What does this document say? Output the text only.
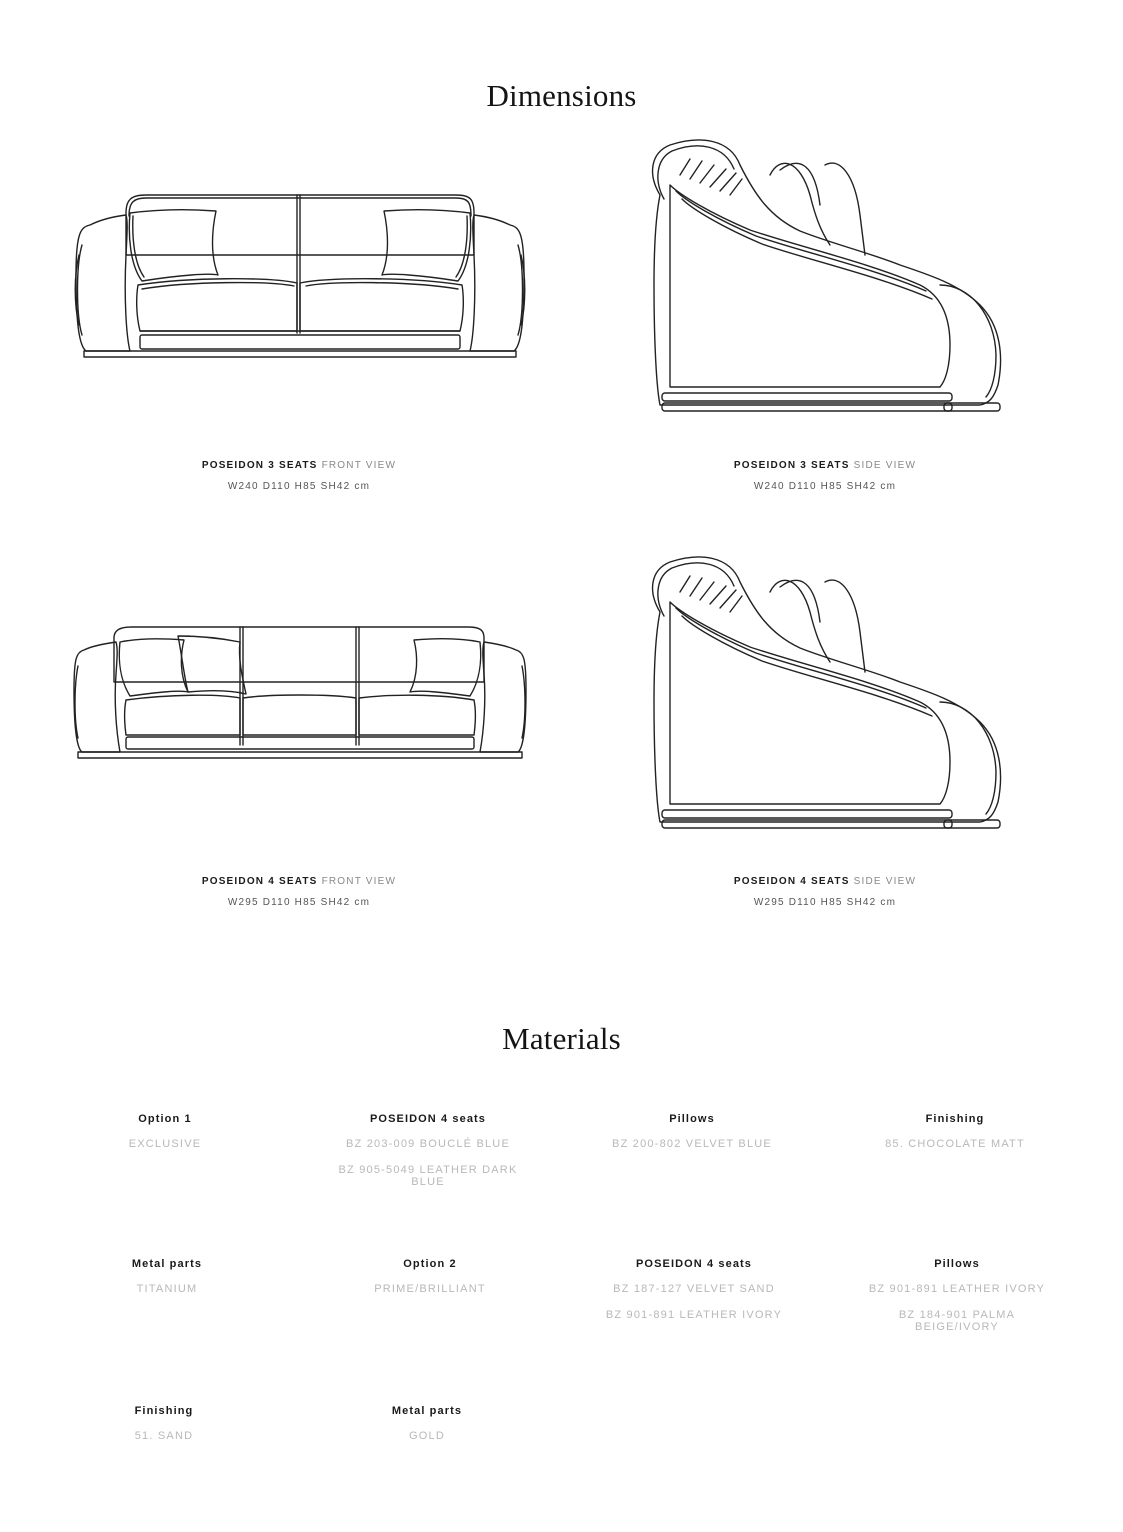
Dimensions
POSEIDON 3 SEATS FRONT VIEW
W240 D110 H85 SH42 cm
POSEIDON 3 SEATS SIDE VIEW
W240 D110 H85 SH42 cm
POSEIDON 4 SEATS FRONT VIEW
W295 D110 H85 SH42 cm
POSEIDON 4 SEATS SIDE VIEW
W295 D110 H85 SH42 cm
Materials
Option 1
EXCLUSIVE
POSEIDON 4 seats
BZ 203-009 BOUCLÉ BLUE
BZ 905-5049 LEATHER DARK BLUE
Pillows
BZ 200-802 VELVET BLUE
Finishing
85. CHOCOLATE MATT
Metal parts
TITANIUM
Option 2
PRIME/BRILLIANT
POSEIDON 4 seats
BZ 187-127 VELVET SAND
BZ 901-891 LEATHER IVORY
Pillows
BZ 901-891 LEATHER IVORY
BZ 184-901 PALMA BEIGE/IVORY
Finishing
51. SAND
Metal parts
GOLD
